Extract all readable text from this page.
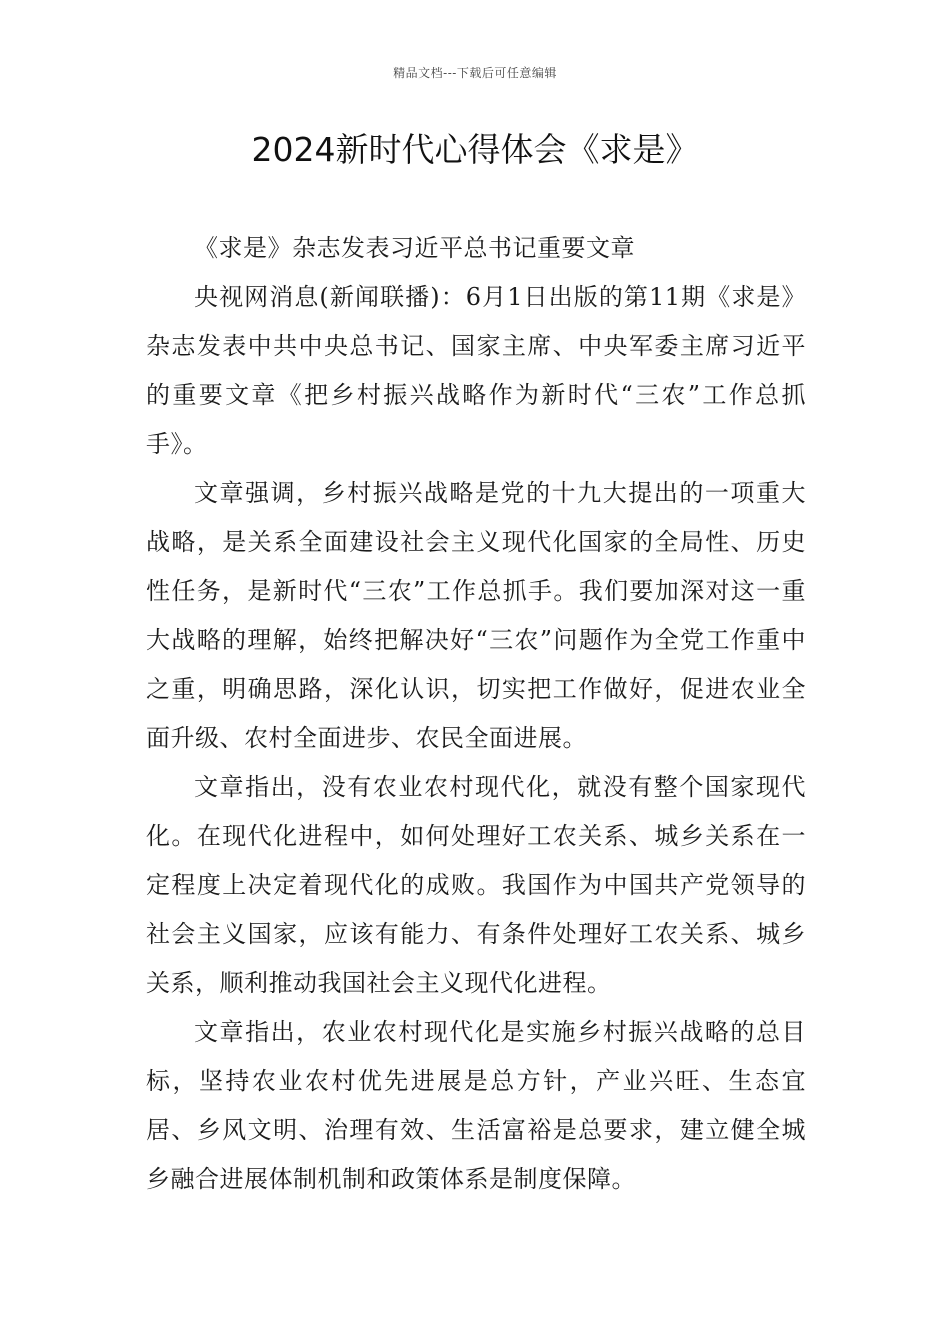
精品文档---下载后可任意编辑
2024新时代心得体会《求是》

《求是》杂志发表习近平总书记重要文章

央视网消息(新闻联播)：6月1日出版的第11期《求是》杂志发表中共中央总书记、国家主席、中央军委主席习近平的重要文章《把乡村振兴战略作为新时代“三农”工作总抓手》。

文章强调，乡村振兴战略是党的十九大提出的一项重大战略，是关系全面建设社会主义现代化国家的全局性、历史性任务，是新时代“三农”工作总抓手。我们要加深对这一重大战略的理解，始终把解决好“三农”问题作为全党工作重中之重，明确思路，深化认识，切实把工作做好，促进农业全面升级、农村全面进步、农民全面进展。

文章指出，没有农业农村现代化，就没有整个国家现代化。在现代化进程中，如何处理好工农关系、城乡关系在一定程度上决定着现代化的成败。我国作为中国共产党领导的社会主义国家，应该有能力、有条件处理好工农关系、城乡关系，顺利推动我国社会主义现代化进程。

文章指出，农业农村现代化是实施乡村振兴战略的总目标，坚持农业农村优先进展是总方针，产业兴旺、生态宜居、乡风文明、治理有效、生活富裕是总要求，建立健全城乡融合进展体制机制和政策体系是制度保障。
